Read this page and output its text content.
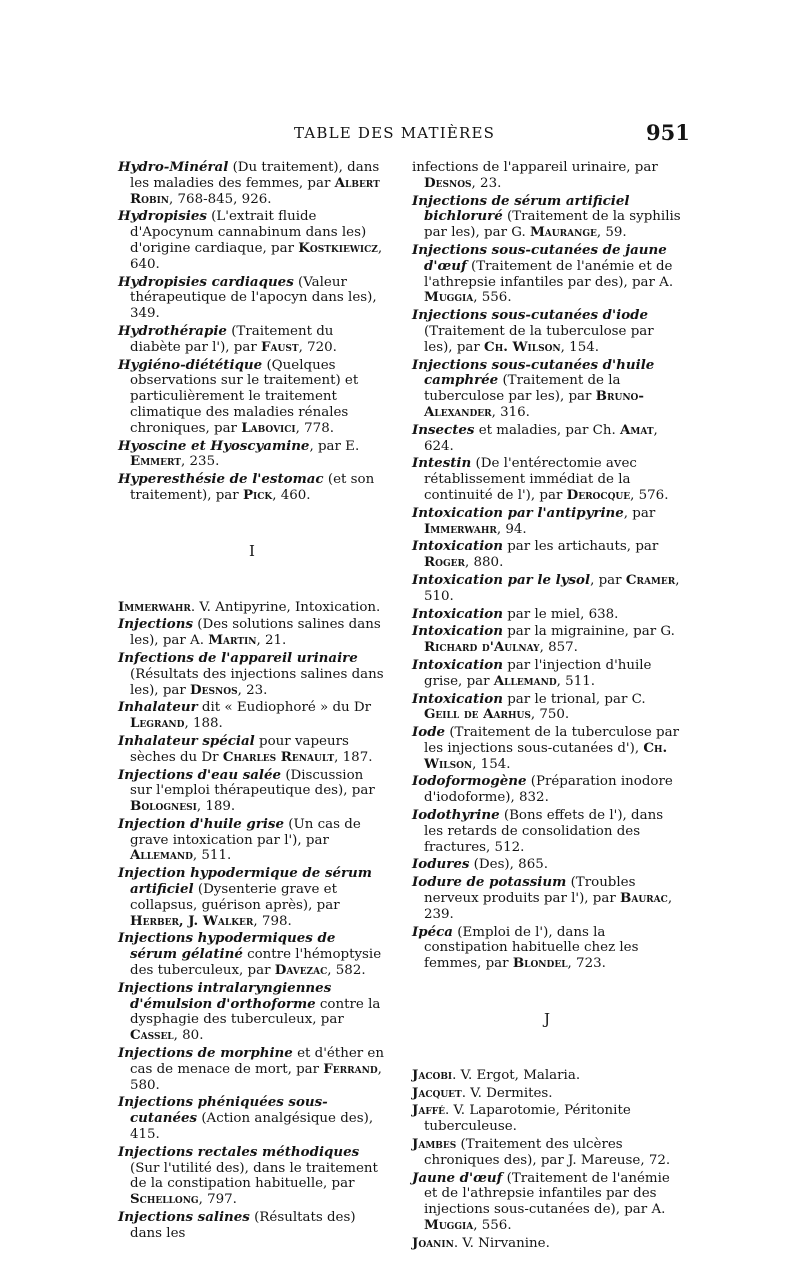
TABLE DES MATIÈRES	951

Hydro-Minéral (Du traitement), dans les maladies des femmes, par Albert Robin, 768-845, 926.

Hydropisies (L'extrait fluide d'Apocynum cannabinum dans les) d'origine cardiaque, par Kostkiewicz, 640.

Hydropisies cardiaques (Valeur thérapeutique de l'apocyn dans les), 349.

Hydrothérapie (Traitement du diabète par l'), par Faust, 720.

Hygiéno-diététique (Quelques observations sur le traitement) et particulièrement le traitement climatique des maladies rénales chroniques, par Labovici, 778.

Hyoscine et Hyoscyamine, par E. Emmert, 235.

Hyperesthésie de l'estomac (et son traitement), par Pick, 460.

I

Immerwahr. V. Antipyrine, Intoxication.

Injections (Des solutions salines dans les), par A. Martin, 21.

Infections de l'appareil urinaire (Résultats des injections salines dans les), par Desnos, 23.

Inhalateur dit « Eudiophoré » du Dr Legrand, 188.

Inhalateur spécial pour vapeurs sèches du Dr Charles Renault, 187.

Injections d'eau salée (Discussion sur l'emploi thérapeutique des), par Bolognesi, 189.

Injection d'huile grise (Un cas de grave intoxication par l'), par Allemand, 511.

Injection hypodermique de sérum artificiel (Dysenterie grave et collapsus, guérison après), par Herber, J. Walker, 798.

Injections hypodermiques de sérum gélatiné contre l'hémoptysie des tuberculeux, par Davezac, 582.

Injections intralaryngiennes d'émulsion d'orthoforme contre la dysphagie des tuberculeux, par Cassel, 80.

Injections de morphine et d'éther en cas de menace de mort, par Ferrand, 580.

Injections phéniquées sous-cutanées (Action analgésique des), 415.

Injections rectales méthodiques (Sur l'utilité des), dans le traitement de la constipation habituelle, par Schellong, 797.

Injections salines (Résultats des) dans les

infections de l'appareil urinaire, par Desnos, 23.

Injections de sérum artificiel bichloruré (Traitement de la syphilis par les), par G. Maurange, 59.

Injections sous-cutanées de jaune d'œuf (Traitement de l'anémie et de l'athrepsie infantiles par des), par A. Muggia, 556.

Injections sous-cutanées d'iode (Traitement de la tuberculose par les), par Ch. Wilson, 154.

Injections sous-cutanées d'huile camphrée (Traitement de la tuberculose par les), par Bruno-Alexander, 316.

Insectes et maladies, par Ch. Amat, 624.

Intestin (De l'entérectomie avec rétablissement immédiat de la continuité de l'), par Derocque, 576.

Intoxication par l'antipyrine, par Immerwahr, 94.

Intoxication par les artichauts, par Roger, 880.

Intoxication par le lysol, par Cramer, 510.

Intoxication par le miel, 638.

Intoxication par la migrainine, par G. Richard d'Aulnay, 857.

Intoxication par l'injection d'huile grise, par Allemand, 511.

Intoxication par le trional, par C. Geill de Aarhus, 750.

Iode (Traitement de la tuberculose par les injections sous-cutanées d'), Ch. Wilson, 154.

Iodoformogène (Préparation inodore d'iodoforme), 832.

Iodothyrine (Bons effets de l'), dans les retards de consolidation des fractures, 512.

Iodures (Des), 865.

Iodure de potassium (Troubles nerveux produits par l'), par Baurac, 239.

Ipéca (Emploi de l'), dans la constipation habituelle chez les femmes, par Blondel, 723.

J

Jacobi. V. Ergot, Malaria.

Jacquet. V. Dermites.

Jaffé. V. Laparotomie, Péritonite tuberculeuse.

Jambes (Traitement des ulcères chroniques des), par J. Mareuse, 72.

Jaune d'œuf (Traitement de l'anémie et de l'athrepsie infantiles par des injections sous-cutanées de), par A. Muggia, 556.

Joanin. V. Nirvanine.
